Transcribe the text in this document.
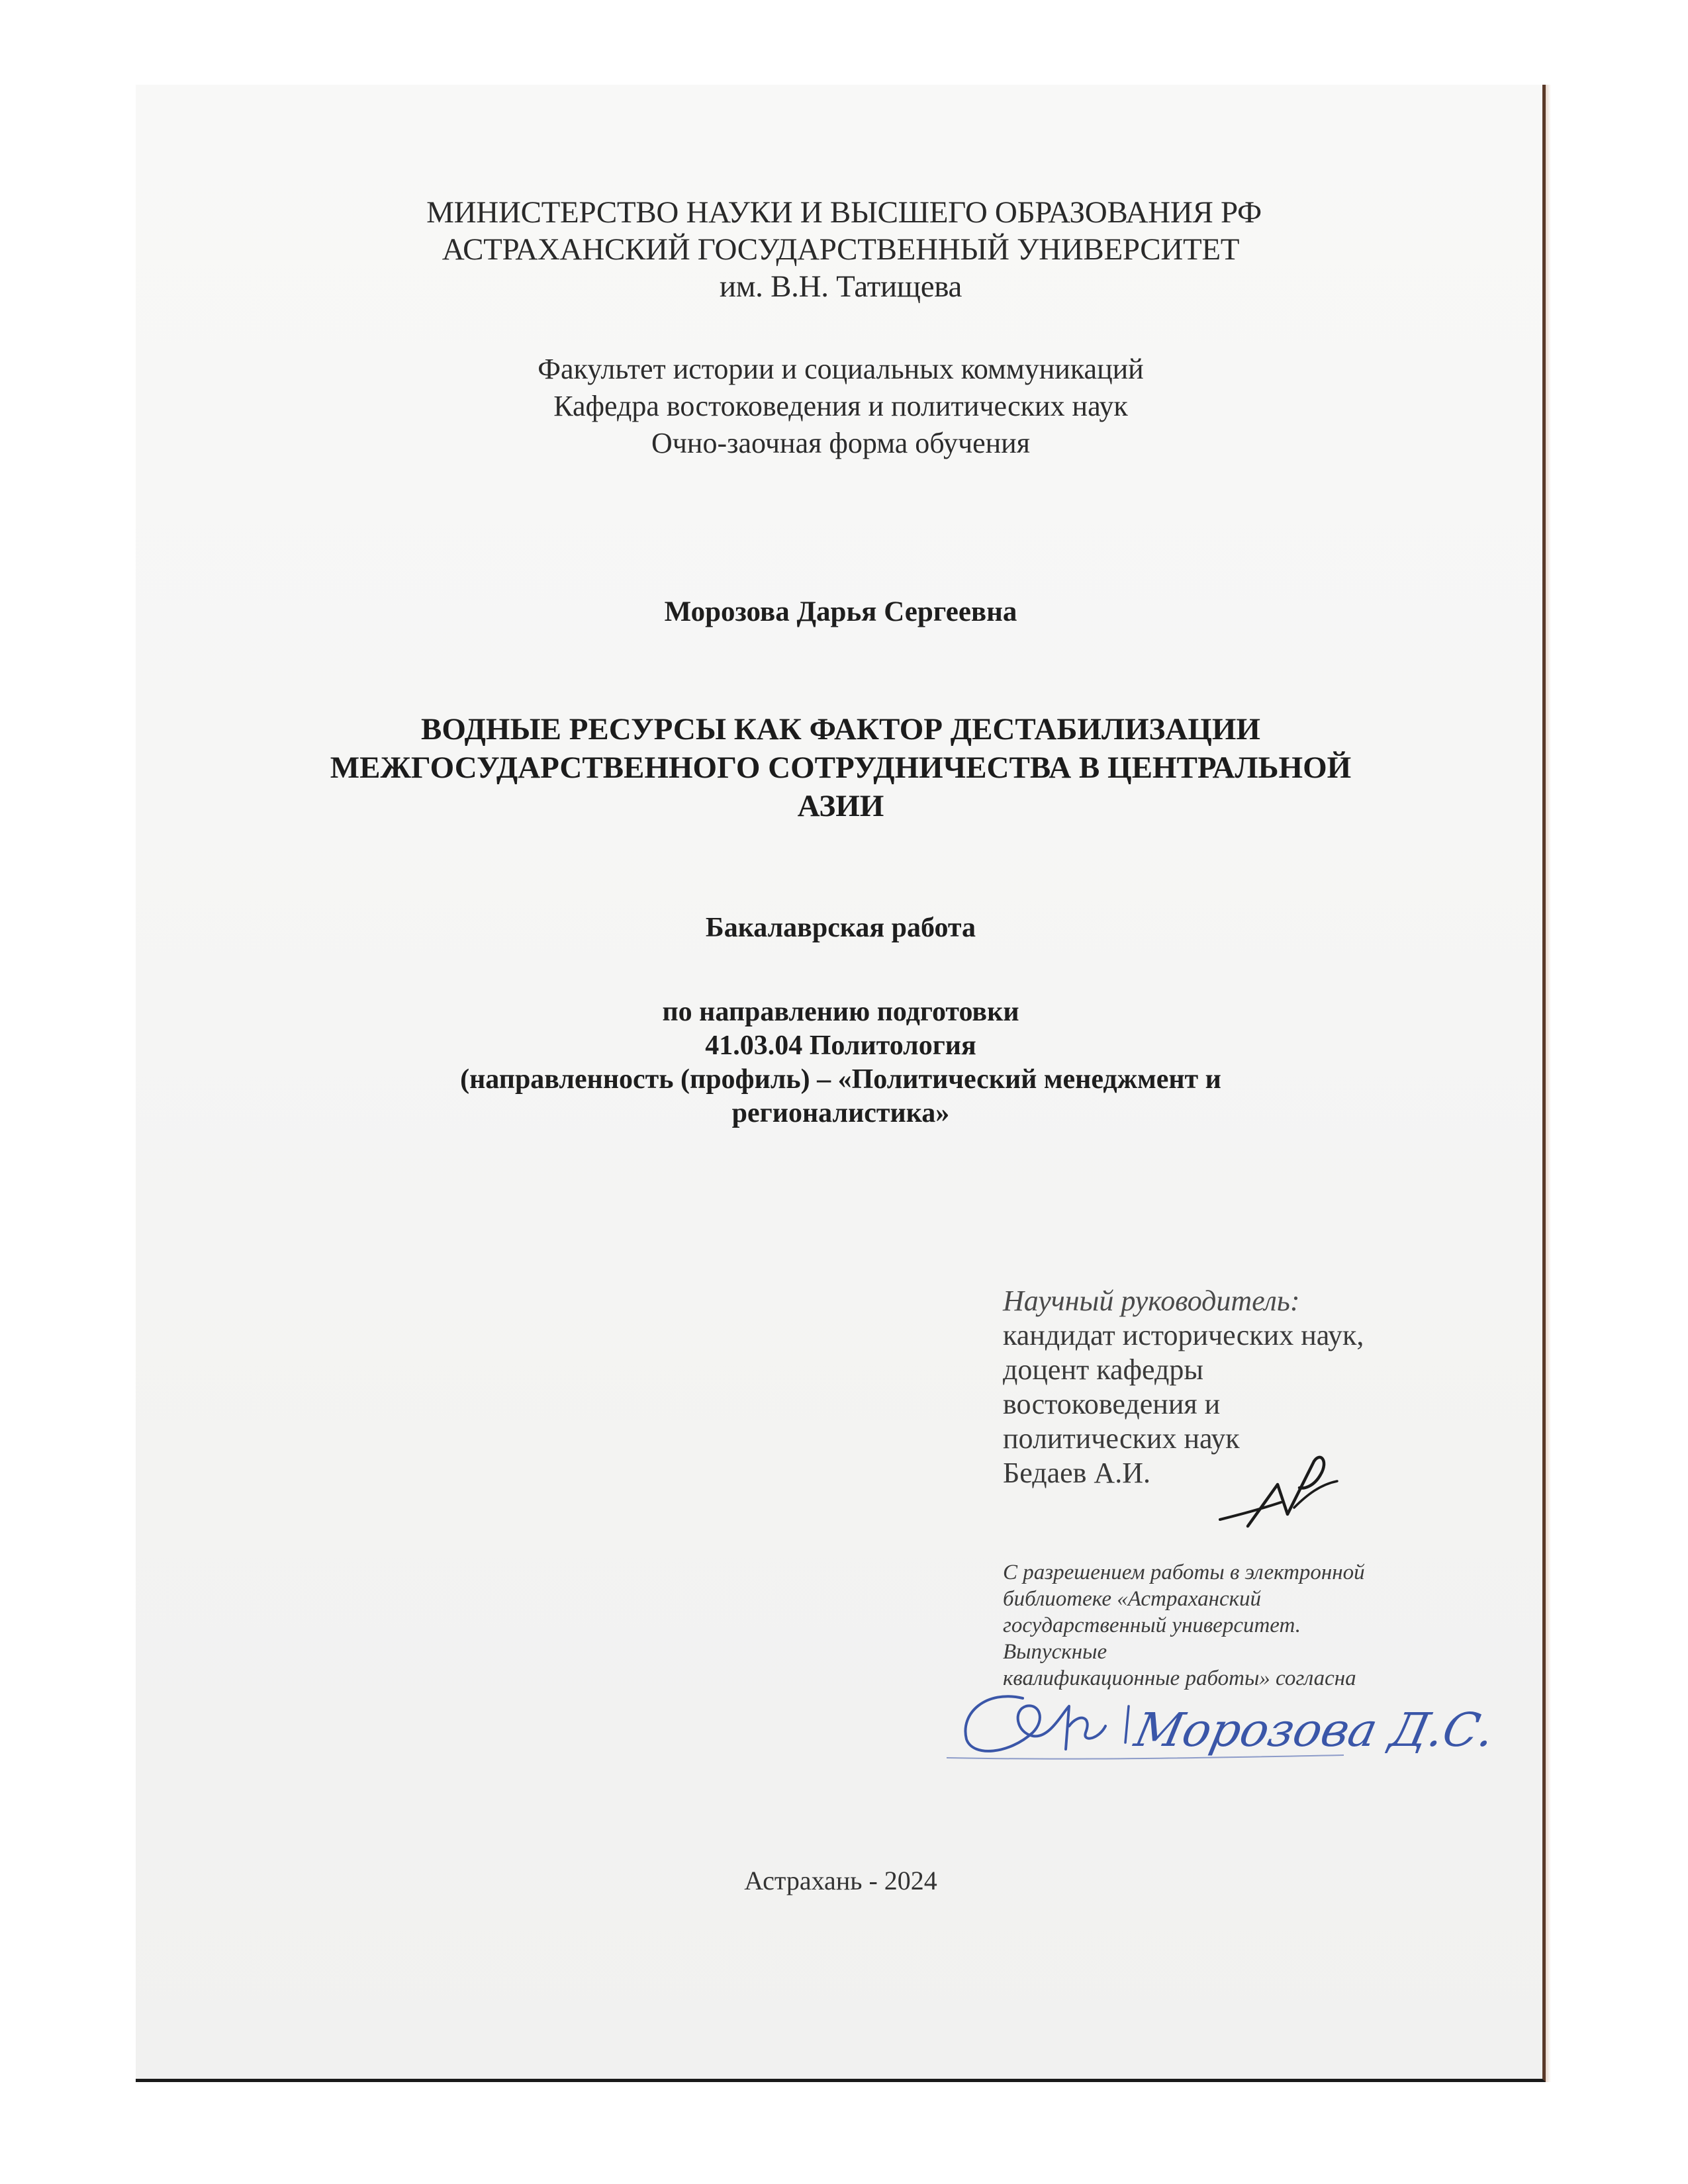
МИНИСТЕРСТВО НАУКИ И ВЫСШЕГО ОБРАЗОВАНИЯ РФ
АСТРАХАНСКИЙ ГОСУДАРСТВЕННЫЙ УНИВЕРСИТЕТ
им. В.Н. Татищева
Факультет истории и социальных коммуникаций
Кафедра востоковедения и политических наук
Очно-заочная форма обучения
Морозова Дарья Сергеевна
ВОДНЫЕ РЕСУРСЫ КАК ФАКТОР ДЕСТАБИЛИЗАЦИИ
МЕЖГОСУДАРСТВЕННОГО СОТРУДНИЧЕСТВА В ЦЕНТРАЛЬНОЙ
АЗИИ
Бакалаврская работа
по направлению подготовки
41.03.04 Политология
(направленность (профиль) – «Политический менеджмент и
регионалистика»
Научный руководитель:
кандидат исторических наук,
доцент кафедры
востоковедения и
политических наук
Бедаев А.И.
С разрешением работы в электронной
библиотеке «Астраханский
государственный университет.
Выпускные
квалификационные работы» согласна
Морозова Д.С.
Астрахань - 2024
